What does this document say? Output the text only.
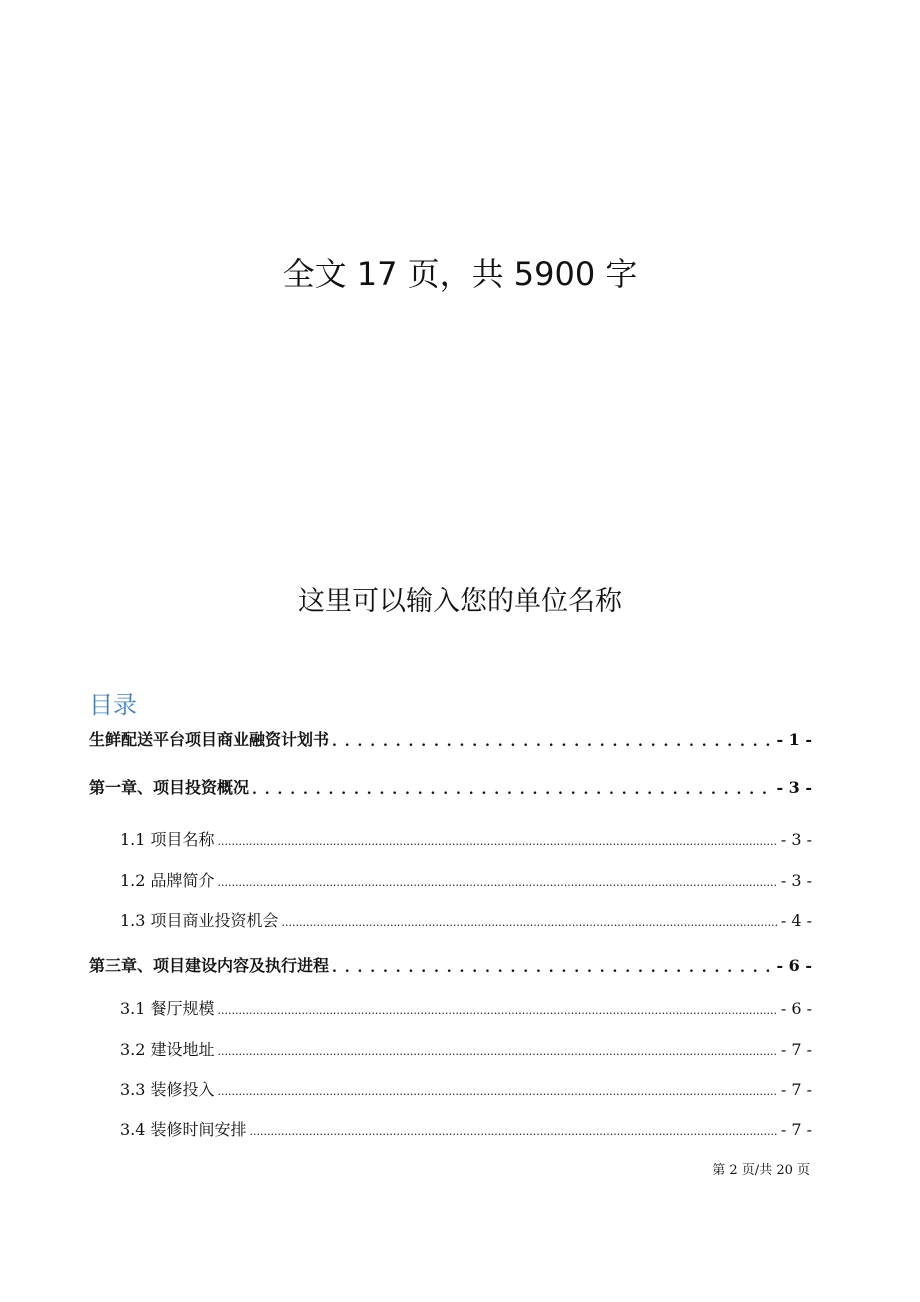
全文 17 页，共 5900 字
这里可以输入您的单位名称
目录
生鲜配送平台项目商业融资计划书 . . .	- 1 -
第一章、项目投资概况 . . .	- 3 -
1.1 项目名称 .....	- 3 -
1.2 品牌简介 .....	- 3 -
1.3 项目商业投资机会 .....	- 4 -
第三章、项目建设内容及执行进程 . . .	- 6 -
3.1 餐厅规模 .....	- 6 -
3.2 建设地址 .....	- 7 -
3.3 装修投入 .....	- 7 -
3.4 装修时间安排 .....	- 7 -
第 2 页/共 20 页
